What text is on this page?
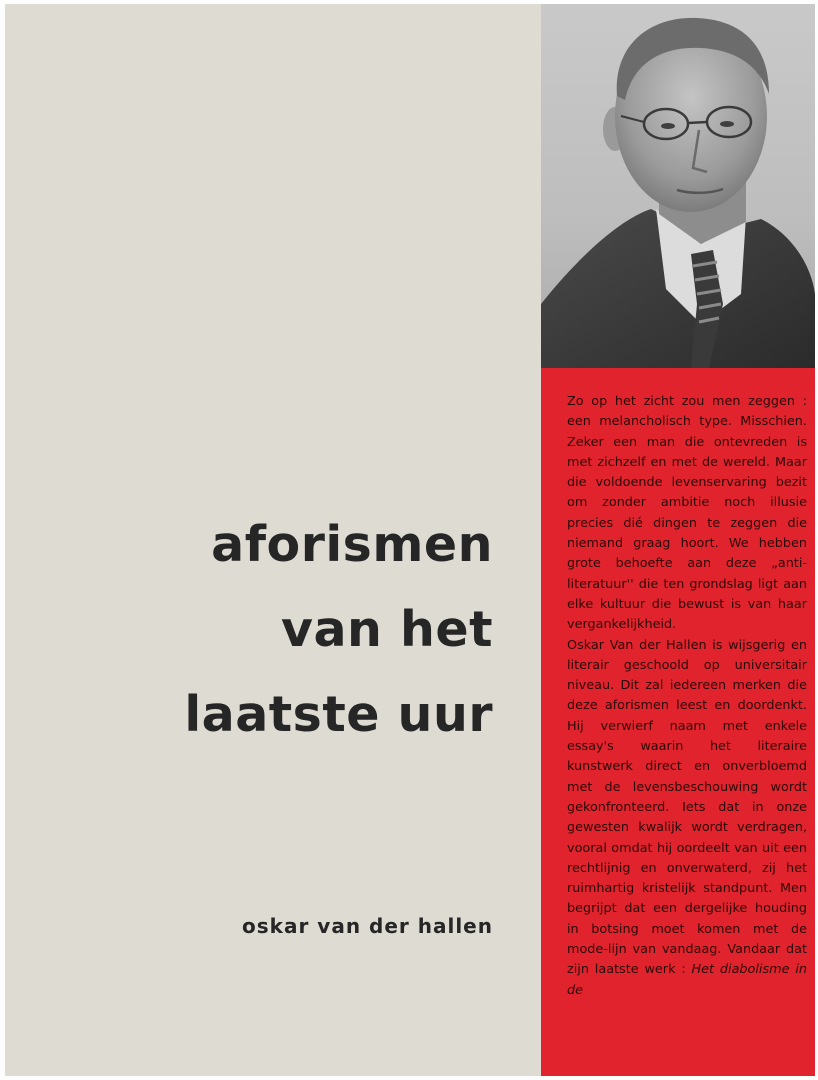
aforismen
van het
laatste uur
oskar van der hallen

Zo op het zicht zou men zeggen : een melancholisch type. Misschien. Zeker een man die ontevreden is met zichzelf en met de wereld. Maar die voldoende levenservaring bezit om zonder ambitie noch illusie precies dié dingen te zeggen die niemand graag hoort. We hebben grote behoefte aan deze „anti-literatuur'' die ten grondslag ligt aan elke kultuur die bewust is van haar vergankelijkheid.

Oskar Van der Hallen is wijsgerig en literair geschoold op universitair niveau. Dit zal iedereen merken die deze aforismen leest en doordenkt. Hij verwierf naam met enkele essay's waarin het literaire kunstwerk direct en onverbloemd met de levensbeschouwing wordt gekonfronteerd. Iets dat in onze gewesten kwalijk wordt verdragen, vooral omdat hij oordeelt van uit een rechtlijnig en onverwaterd, zij het ruimhartig kristelijk standpunt. Men begrijpt dat een dergelijke houding in botsing moet komen met de mode-lijn van vandaag. Vandaar dat zijn laatste werk : Het diabolisme in de
